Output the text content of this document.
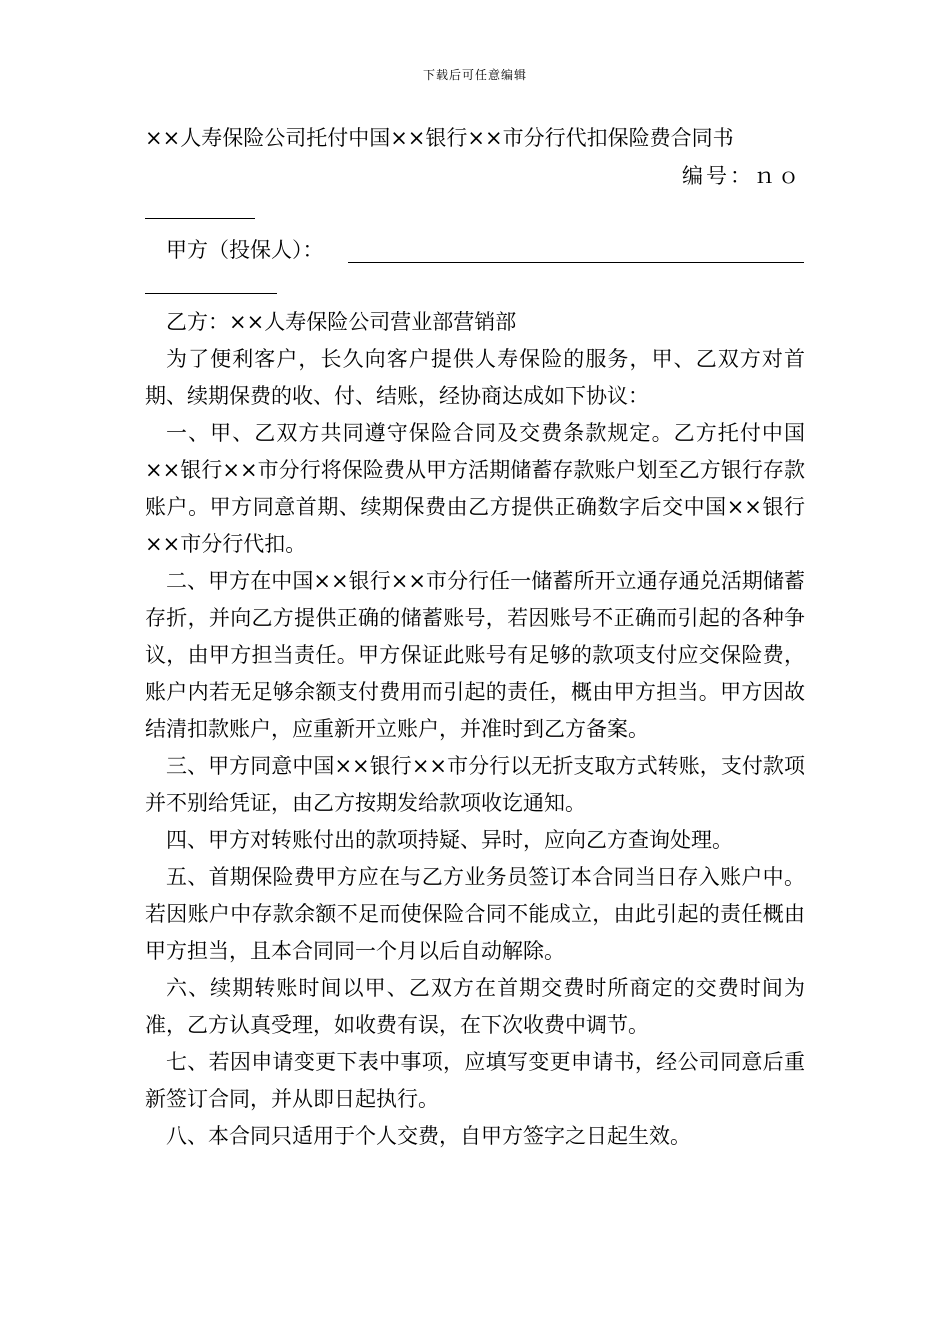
下载后可任意编辑
××人寿保险公司托付中国××银行××市分行代扣保险费合同书
编号：ｎｏ
甲方（投保人）：

乙方：××人寿保险公司营业部营销部

为了便利客户，长久向客户提供人寿保险的服务，甲、乙双方对首期、续期保费的收、付、结账，经协商达成如下协议：

一、甲、乙双方共同遵守保险合同及交费条款规定。乙方托付中国××银行××市分行将保险费从甲方活期储蓄存款账户划至乙方银行存款账户。甲方同意首期、续期保费由乙方提供正确数字后交中国××银行××市分行代扣。

二、甲方在中国××银行××市分行任一储蓄所开立通存通兑活期储蓄存折，并向乙方提供正确的储蓄账号，若因账号不正确而引起的各种争议，由甲方担当责任。甲方保证此账号有足够的款项支付应交保险费，账户内若无足够余额支付费用而引起的责任，概由甲方担当。甲方因故结清扣款账户，应重新开立账户，并准时到乙方备案。

三、甲方同意中国××银行××市分行以无折支取方式转账，支付款项并不别给凭证，由乙方按期发给款项收讫通知。

四、甲方对转账付出的款项持疑、异时，应向乙方查询处理。

五、首期保险费甲方应在与乙方业务员签订本合同当日存入账户中。若因账户中存款余额不足而使保险合同不能成立，由此引起的责任概由甲方担当，且本合同同一个月以后自动解除。

六、续期转账时间以甲、乙双方在首期交费时所商定的交费时间为准，乙方认真受理，如收费有误，在下次收费中调节。

七、若因申请变更下表中事项，应填写变更申请书，经公司同意后重新签订合同，并从即日起执行。

八、本合同只适用于个人交费，自甲方签字之日起生效。
